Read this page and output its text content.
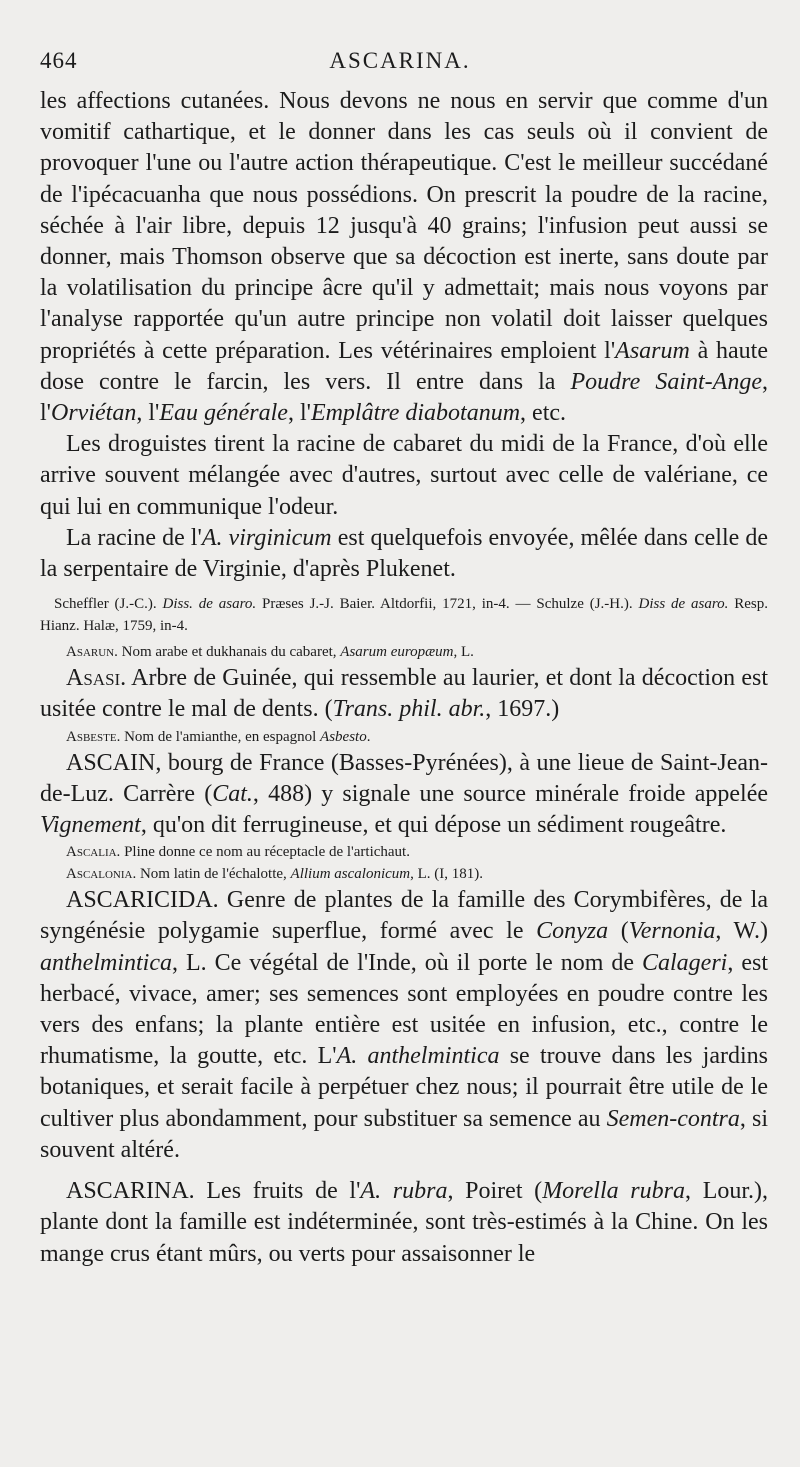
464	ASCARINA.

les affections cutanées. Nous devons ne nous en servir que comme d'un vomitif cathartique, et le donner dans les cas seuls où il convient de provoquer l'une ou l'autre action thérapeutique. C'est le meilleur succédané de l'ipécacuanha que nous possédions. On prescrit la poudre de la racine, séchée à l'air libre, depuis 12 jusqu'à 40 grains; l'infusion peut aussi se donner, mais Thomson observe que sa décoction est inerte, sans doute par la volatilisation du principe âcre qu'il y admettait; mais nous voyons par l'analyse rapportée qu'un autre principe non volatil doit laisser quelques propriétés à cette préparation. Les vétérinaires emploient l'Asarum à haute dose contre le farcin, les vers. Il entre dans la Poudre Saint-Ange, l'Orviétan, l'Eau générale, l'Emplâtre diabotanum, etc.

Les droguistes tirent la racine de cabaret du midi de la France, d'où elle arrive souvent mélangée avec d'autres, surtout avec celle de valériane, ce qui lui en communique l'odeur.

La racine de l'A. virginicum est quelquefois envoyée, mêlée dans celle de la serpentaire de Virginie, d'après Plukenet.

Scheffler (J.-C.). Diss. de asaro. Præses J.-J. Baier. Altdorfii, 1721, in-4. — Schulze (J.-H.). Diss de asaro. Resp. Hianz. Halæ, 1759, in-4.

Asarun. Nom arabe et dukhanais du cabaret, Asarum europæum, L.

Asasi. Arbre de Guinée, qui ressemble au laurier, et dont la décoction est usitée contre le mal de dents. (Trans. phil. abr., 1697.)

Asbeste. Nom de l'amianthe, en espagnol Asbesto.

ASCAIN, bourg de France (Basses-Pyrénées), à une lieue de Saint-Jean-de-Luz. Carrère (Cat., 488) y signale une source minérale froide appelée Vignement, qu'on dit ferrugineuse, et qui dépose un sédiment rougeâtre.

Ascalia. Pline donne ce nom au réceptacle de l'artichaut.

Ascalonia. Nom latin de l'échalotte, Allium ascalonicum, L. (I, 181).

ASCARICIDA. Genre de plantes de la famille des Corymbifères, de la syngénésie polygamie superflue, formé avec le Conyza (Vernonia, W.) anthelmintica, L. Ce végétal de l'Inde, où il porte le nom de Calageri, est herbacé, vivace, amer; ses semences sont employées en poudre contre les vers des enfans; la plante entière est usitée en infusion, etc., contre le rhumatisme, la goutte, etc. L'A. anthelmintica se trouve dans les jardins botaniques, et serait facile à perpétuer chez nous; il pourrait être utile de le cultiver plus abondamment, pour substituer sa semence au Semen-contra, si souvent altéré.

ASCARINA. Les fruits de l'A. rubra, Poiret (Morella rubra, Lour.), plante dont la famille est indéterminée, sont très-estimés à la Chine. On les mange crus étant mûrs, ou verts pour assaisonner le
